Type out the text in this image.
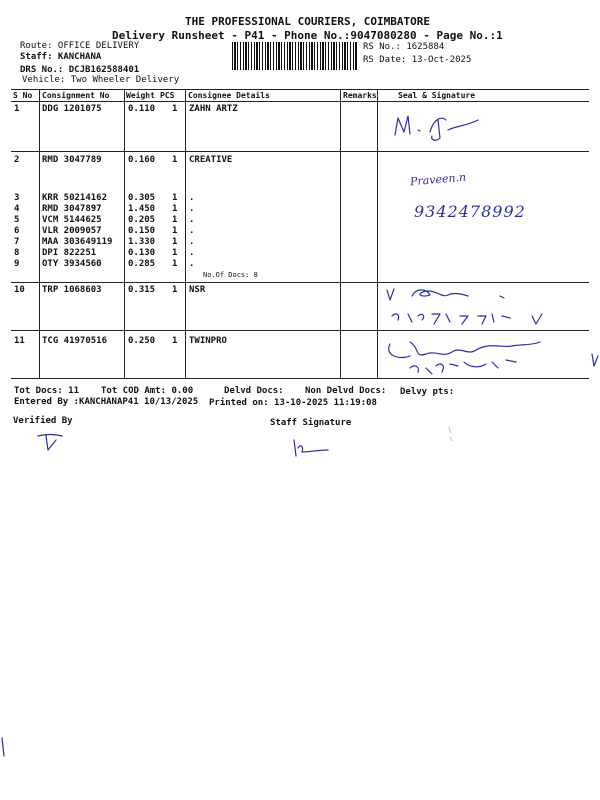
THE PROFESSIONAL COURIERS, COIMBATORE
Delivery Runsheet - P41 - Phone No.:9047080280 - Page No.:1
Route: OFFICE DELIVERY
Staff: KANCHANA
DRS No.: DCJB162588401
Vehicle: Two Wheeler Delivery
RS No.: 1625884
RS Date: 13-Oct-2025
S No Consignment No Weight PCS Consignee Details	Remarks	Seal & Signature
1	DDG 1201075	0.110 1 ZAHN ARTZ
2	RMD 3047789	0.160 1 CREATIVE
3	KRR 50214162 0.305 1 .
4	RMD 3047897	1.450 1 .
5	VCM 5144625	0.205 1 .
6	VLR 2009057	0.150 1 .
7	MAA 303649119 1.330 1 .
8	DPI 822251	0.130 1 .
9	OTY 3934560	0.285 1 .
No.Of Docs: 8
10 TRP 1068603	0.315 1 NSR
11 TCG 41970516 0.250 1 TWINPRO
Praveen.n
9342478992
Tot Docs: 11 Tot COD Amt: 0.00	Delvd Docs: Non Delvd Docs: Delvy pts:
Entered By :KANCHANAP41 10/13/2025 Printed on: 13-10-2025 11:19:08
Verified By	Staff Signature
